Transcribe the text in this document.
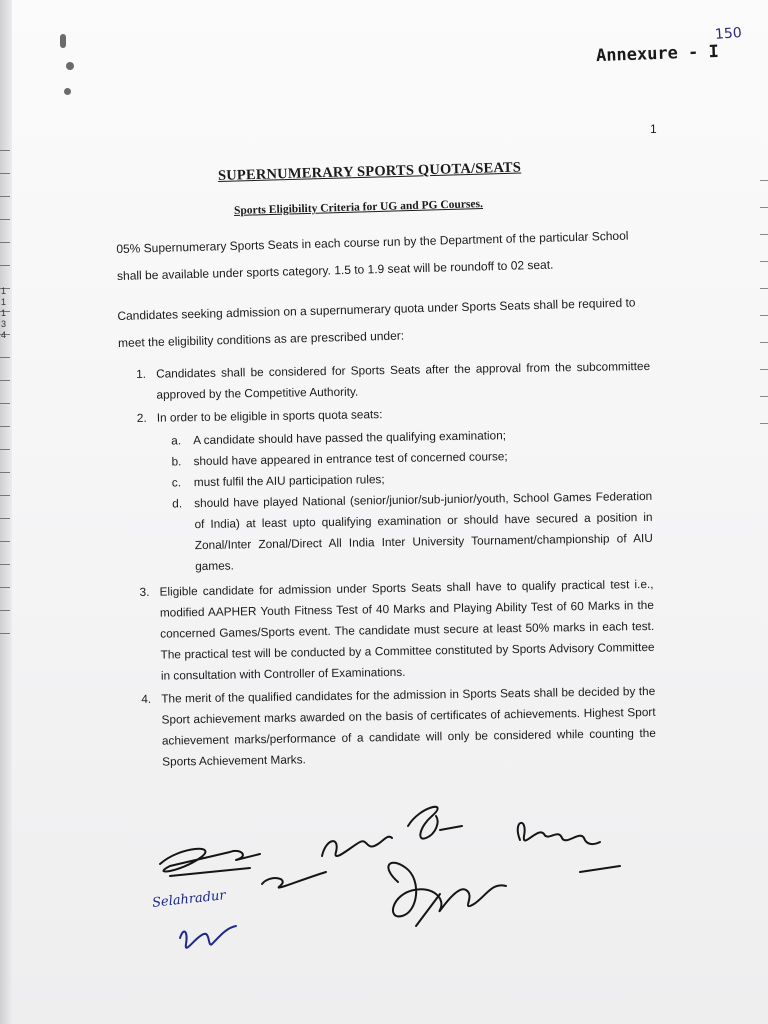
1
1
1
3
4
Annexure - I
150
1
SUPERNUMERARY SPORTS QUOTA/SEATS
Sports Eligibility Criteria for UG and PG Courses.
05% Supernumerary Sports Seats in each course run by the Department of the particular School
shall be available under sports category. 1.5 to 1.9 seat will be roundoff to 02 seat.
Candidates seeking admission on a supernumerary quota under Sports Seats shall be required to
meet the eligibility conditions as are prescribed under:
1. Candidates shall be considered for Sports Seats after the approval from the subcommittee approved by the Competitive Authority.
2. In order to be eligible in sports quota seats:
a. A candidate should have passed the qualifying examination;
b. should have appeared in entrance test of concerned course;
c. must fulfil the AIU participation rules;
d. should have played National (senior/junior/sub-junior/youth, School Games Federation of India) at least upto qualifying examination or should have secured a position in Zonal/Inter Zonal/Direct All India Inter University Tournament/championship of AIU games.
3. Eligible candidate for admission under Sports Seats shall have to qualify practical test i.e., modified AAPHER Youth Fitness Test of 40 Marks and Playing Ability Test of 60 Marks in the concerned Games/Sports event. The candidate must secure at least 50% marks in each test. The practical test will be conducted by a Committee constituted by Sports Advisory Committee in consultation with Controller of Examinations.
4. The merit of the qualified candidates for the admission in Sports Seats shall be decided by the Sport achievement marks awarded on the basis of certificates of achievements. Highest Sport achievement marks/performance of a candidate will only be considered while counting the Sports Achievement Marks.
Selahradur
